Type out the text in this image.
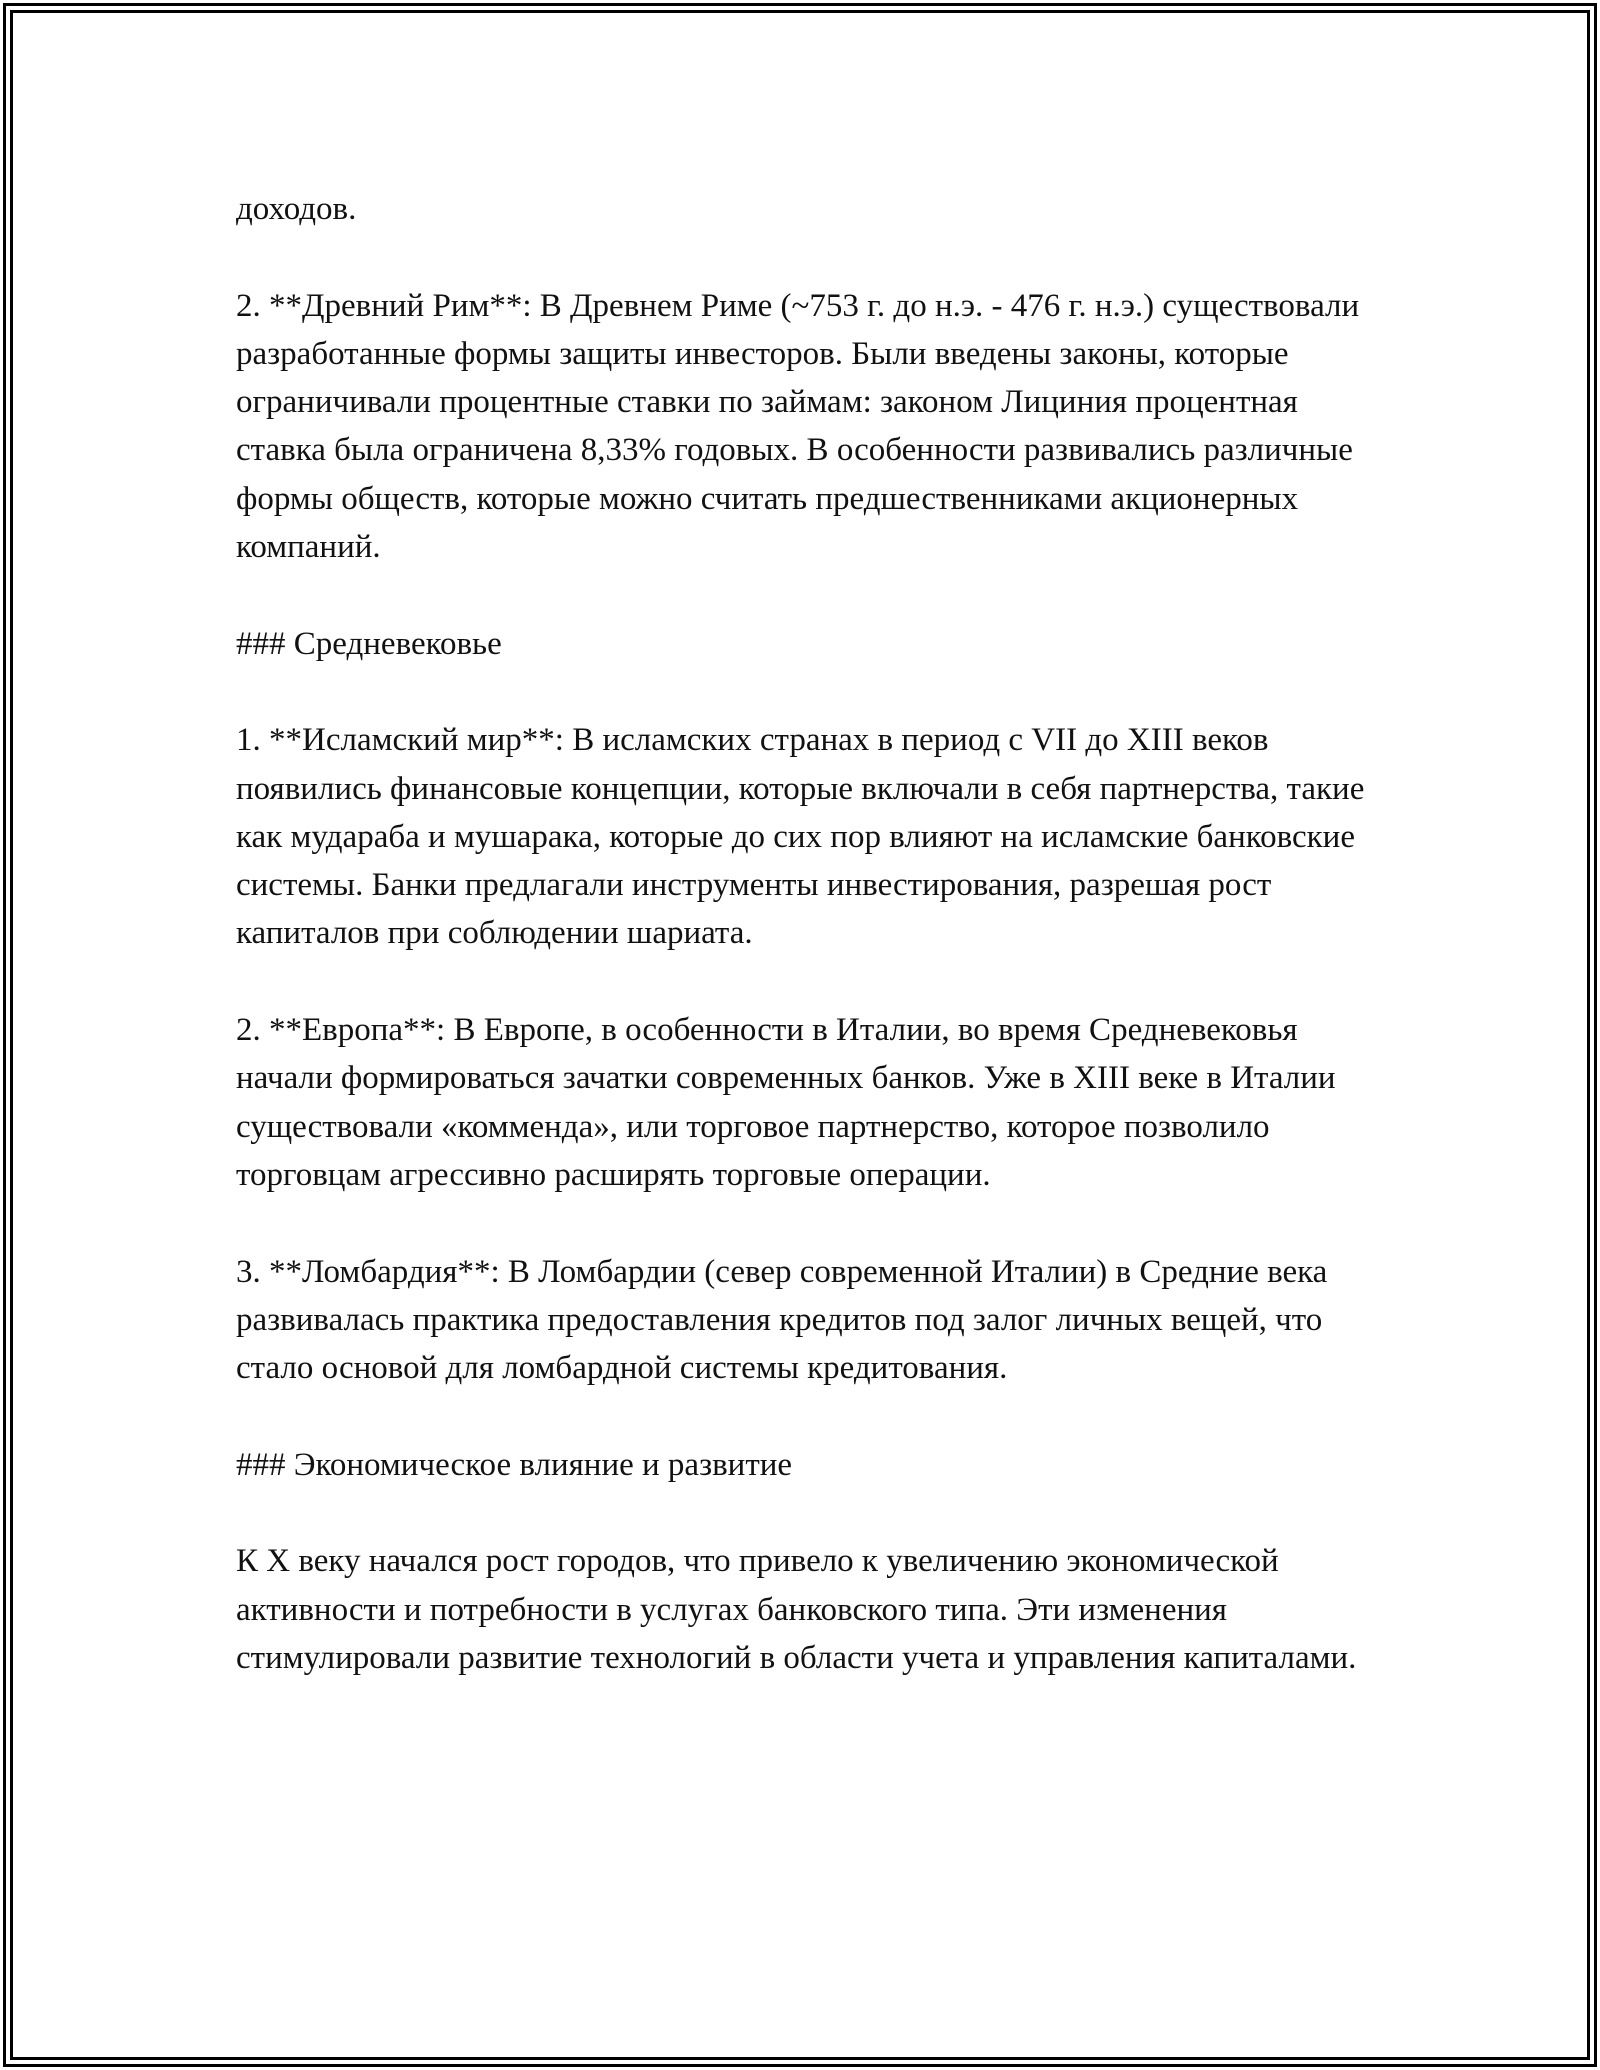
доходов.

2. **Древний Рим**: В Древнем Риме (~753 г. до н.э. - 476 г. н.э.) существовали разработанные формы защиты инвесторов. Были введены законы, которые ограничивали процентные ставки по займам: законом Лициния процентная ставка была ограничена 8,33% годовых. В особенности развивались различные формы обществ, которые можно считать предшественниками акционерных компаний.

### Средневековье

1. **Исламский мир**: В исламских странах в период с VII до XIII веков появились финансовые концепции, которые включали в себя партнерства, такие как мудараба и мушарака, которые до сих пор влияют на исламские банковские системы. Банки предлагали инструменты инвестирования, разрешая рост капиталов при соблюдении шариата.

2. **Европа**: В Европе, в особенности в Италии, во время Средневековья начали формироваться зачатки современных банков. Уже в XIII веке в Италии существовали «комменда», или торговое партнерство, которое позволило торговцам агрессивно расширять торговые операции.

3. **Ломбардия**: В Ломбардии (север современной Италии) в Средние века развивалась практика предоставления кредитов под залог личных вещей, что стало основой для ломбардной системы кредитования.

### Экономическое влияние и развитие

К X веку начался рост городов, что привело к увеличению экономической активности и потребности в услугах банковского типа. Эти изменения стимулировали развитие технологий в области учета и управления капиталами.
